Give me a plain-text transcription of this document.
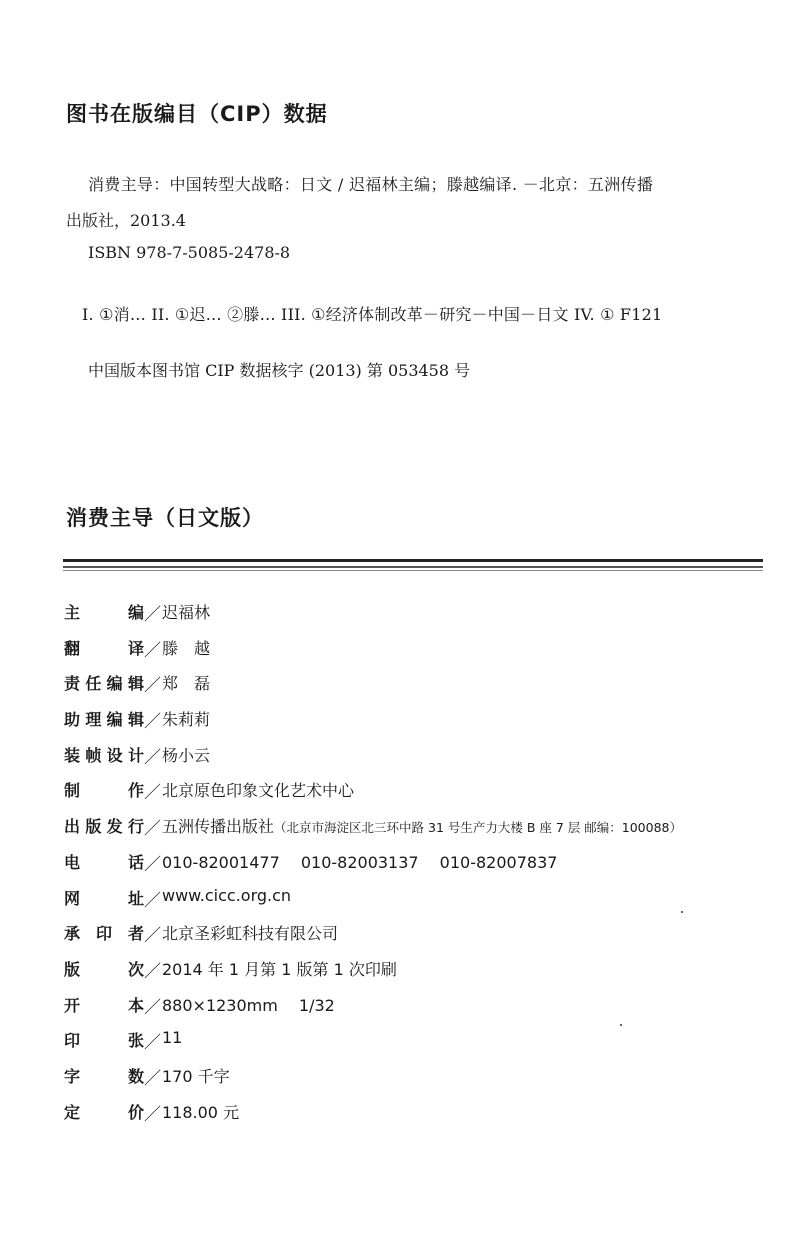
图书在版编目（CIP）数据
消费主导：中国转型大战略：日文 / 迟福林主编；滕越编译. －北京：五洲传播
出版社，2013.4
ISBN 978-7-5085-2478-8
I. ①消… II. ①迟… ②滕… III. ①经济体制改革－研究－中国－日文 IV. ① F121
中国版本图书馆 CIP 数据核字 (2013) 第 053458 号
消费主导（日文版）
主	编 ／ 迟福林
翻	译 ／ 滕　越
责 任 编 辑 ／ 郑　磊
助 理 编 辑 ／ 朱莉莉
装 帧 设 计 ／ 杨小云
制	作 ／ 北京原色印象文化艺术中心
出 版 发 行 ／ 五洲传播出版社（北京市海淀区北三环中路 31 号生产力大楼 B 座 7 层 邮编：100088）
电	话 ／ 010-82001477　 010-82003137　 010-82007837
网	址 ／ www.cicc.org.cn
承 印 者 ／ 北京圣彩虹科技有限公司
版	次 ／ 2014 年 1 月第 1 版第 1 次印刷
开	本 ／ 880×1230mm　 1/32
印	张 ／ 11
字	数 ／ 170 千字
定	价 ／ 118.00 元
